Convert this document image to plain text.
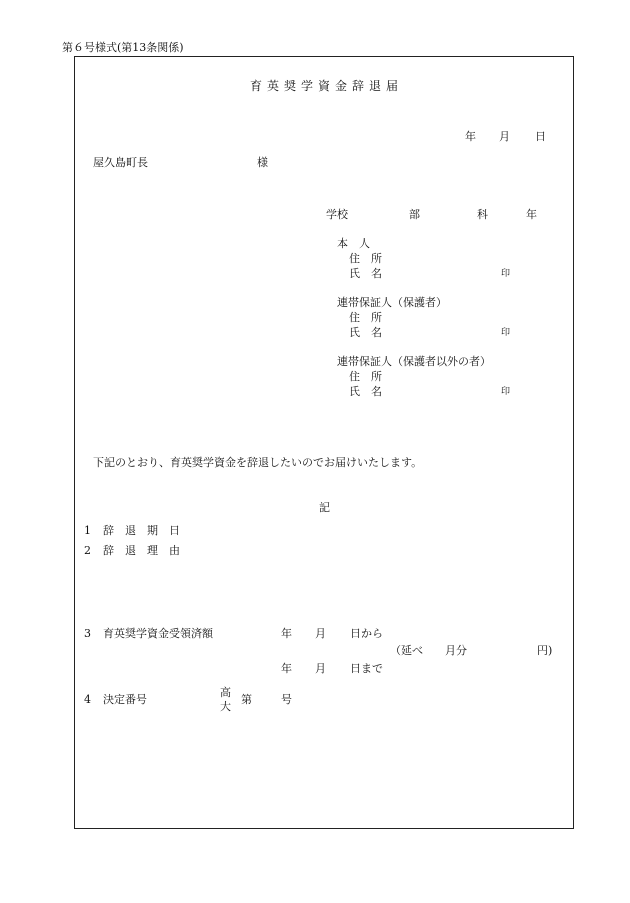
第６号様式(第13条関係)
育英奨学資金辞退届
年 月 日
屋久島町長	様
学校	部	科	年
本　人
住　所
氏　名	印
連帯保証人（保護者）
住　所
氏　名	印
連帯保証人（保護者以外の者）
住　所
氏　名	印
下記のとおり、育英奨学資金を辞退したいのでお届けいたします。
記
1 辞　退　期　日
2 辞　退　理　由
3 育英奨学資金受領済額	年 月 日から
（延べ 月分	円)
年 月 日まで
4 決定番号
高
大
第	号
